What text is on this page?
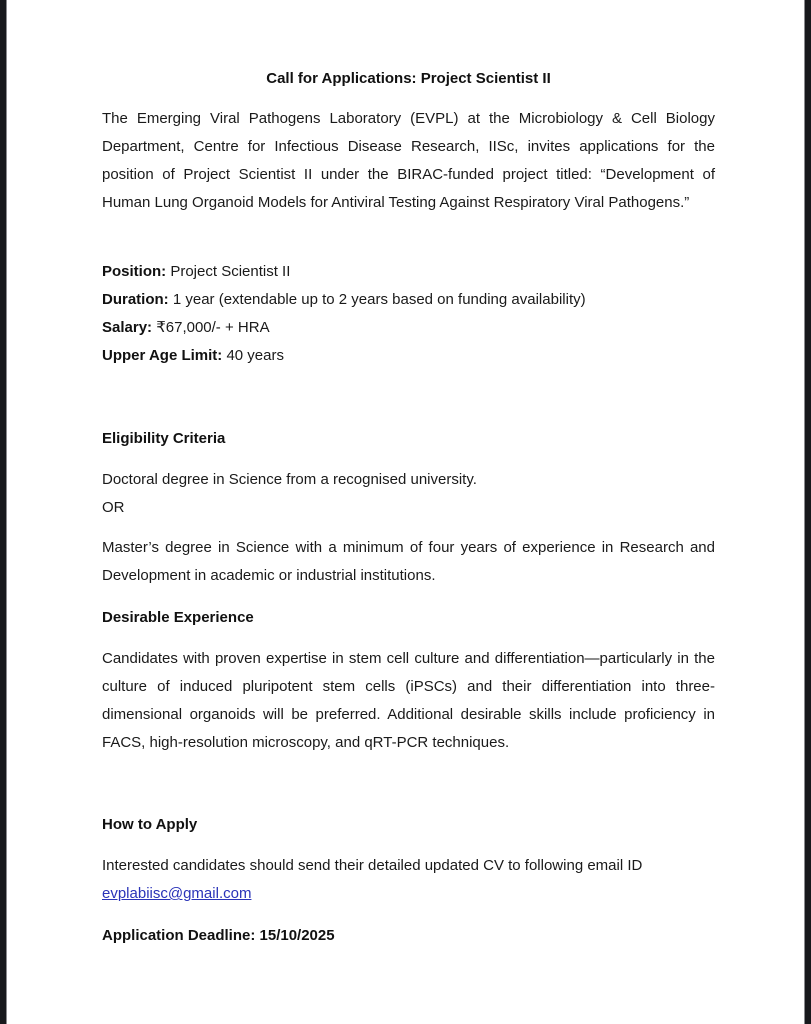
Call for Applications: Project Scientist II

The Emerging Viral Pathogens Laboratory (EVPL) at the Microbiology & Cell Biology Department, Centre for Infectious Disease Research, IISc, invites applications for the position of Project Scientist II under the BIRAC-funded project titled: “Development of Human Lung Organoid Models for Antiviral Testing Against Respiratory Viral Pathogens.”

Position: Project Scientist II
Duration: 1 year (extendable up to 2 years based on funding availability)
Salary: ₹67,000/- + HRA
Upper Age Limit: 40 years
Eligibility Criteria
Doctoral degree in Science from a recognised university.
OR

Master’s degree in Science with a minimum of four years of experience in Research and Development in academic or industrial institutions.

Desirable Experience

Candidates with proven expertise in stem cell culture and differentiation—particularly in the culture of induced pluripotent stem cells (iPSCs) and their differentiation into three-dimensional organoids will be preferred. Additional desirable skills include proficiency in FACS, high-resolution microscopy, and qRT-PCR techniques.

How to Apply
Interested candidates should send their detailed updated CV to following email ID
evplabiisc@gmail.com
Application Deadline: 15/10/2025
